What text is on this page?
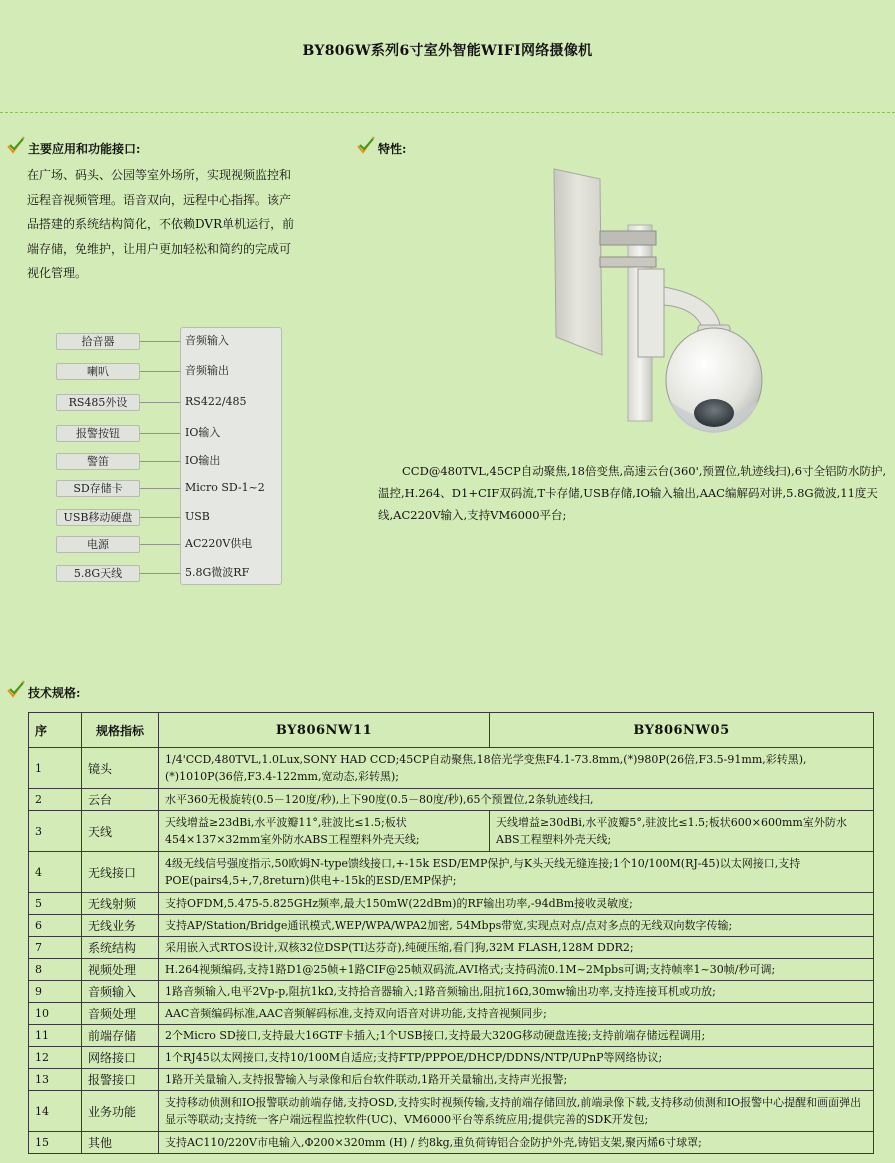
BY806W系列6寸室外智能WIFI网络摄像机
主要应用和功能接口:
在广场、码头、公园等室外场所，实现视频监控和
远程音视频管理。语音双向，远程中心指挥。该产
品搭建的系统结构简化，不依赖DVR单机运行，前
端存储，免维护，让用户更加轻松和简约的完成可
视化管理。
拾音器	音频输入
喇叭	音频输出
RS485外设	RS422/485
报警按钮	IO输入
警笛	IO输出
SD存储卡	Micro SD-1~2
USB移动硬盘	USB
电源	AC220V供电
5.8G天线	5.8G微波RF
特性:
CCD@480TVL,45CP自动聚焦,18倍变焦,高速云台(360',预置位,轨迹线扫),6寸全铝防水防护,温控,H.264、D1+CIF双码流,T卡存储,USB存储,IO输入输出,AAC编解码对讲,5.8G微波,11度天线,AC220V输入,支持VM6000平台;
技术规格:
序	规格指标	BY806NW11	BY806NW05
1	镜头	1/4'CCD,480TVL,1.0Lux,SONY HAD CCD;45CP自动聚焦,18倍光学变焦F4.1-73.8mm,(*)980P(26倍,F3.5-91mm,彩转黑),(*)1010P(36倍,F3.4-122mm,宽动态,彩转黑);	
2	云台	水平360无极旋转(0.5－120度/秒),上下90度(0.5－80度/秒),65个预置位,2条轨迹线扫,	
3	天线	天线增益≥23dBi,水平波瓣11°,驻波比≤1.5;板状454×137×32mm室外防水ABS工程塑料外壳天线;	天线增益≥30dBi,水平波瓣5°,驻波比≤1.5;板状600×600mm室外防水ABS工程塑料外壳天线;
4	无线接口	4级无线信号强度指示,50欧姆N-type馈线接口,+-15k ESD/EMP保护,与K头天线无缝连接;1个10/100M(RJ-45)以太网接口,支持POE(pairs4,5+,7,8return)供电+-15k的ESD/EMP保护;	
5	无线射频	支持OFDM,5.475-5.825GHz频率,最大150mW(22dBm)的RF输出功率,-94dBm接收灵敏度;	
6	无线业务	支持AP/Station/Bridge通讯模式,WEP/WPA/WPA2加密, 54Mbps带宽,实现点对点/点对多点的无线双向数字传输;	
7	系统结构	采用嵌入式RTOS设计,双核32位DSP(TI达芬奇),纯硬压缩,看门狗,32M FLASH,128M DDR2;	
8	视频处理	H.264视频编码,支持1路D1@25帧+1路CIF@25帧双码流,AVI格式;支持码流0.1M~2Mpbs可调;支持帧率1~30帧/秒可调;	
9	音频输入	1路音频输入,电平2Vp-p,阻抗1kΩ,支持拾音器输入;1路音频输出,阻抗16Ω,30mw输出功率,支持连接耳机或功放;	
10	音频处理	AAC音频编码标准,AAC音频解码标准,支持双向语音对讲功能,支持音视频同步;	
11	前端存储	2个Micro SD接口,支持最大16GTF卡插入;1个USB接口,支持最大320G移动硬盘连接;支持前端存储远程调用;	
12	网络接口	1个RJ45以太网接口,支持10/100M自适应;支持FTP/PPPOE/DHCP/DDNS/NTP/UPnP等网络协议;	
13	报警接口	1路开关量输入,支持报警输入与录像和后台软件联动,1路开关量输出,支持声光报警;	
14	业务功能	支持移动侦测和IO报警联动前端存储,支持OSD,支持实时视频传输,支持前端存储回放,前端录像下载,支持移动侦测和IO报警中心提醒和画面弹出显示等联动;支持统一客户端远程监控软件(UC)、VM6000平台等系统应用;提供完善的SDK开发包;	
15	其他	支持AC110/220V市电输入,Φ200×320mm (H) / 约8kg,重负荷铸铝合金防护外壳,铸铝支架,聚丙烯6寸球罩;	
